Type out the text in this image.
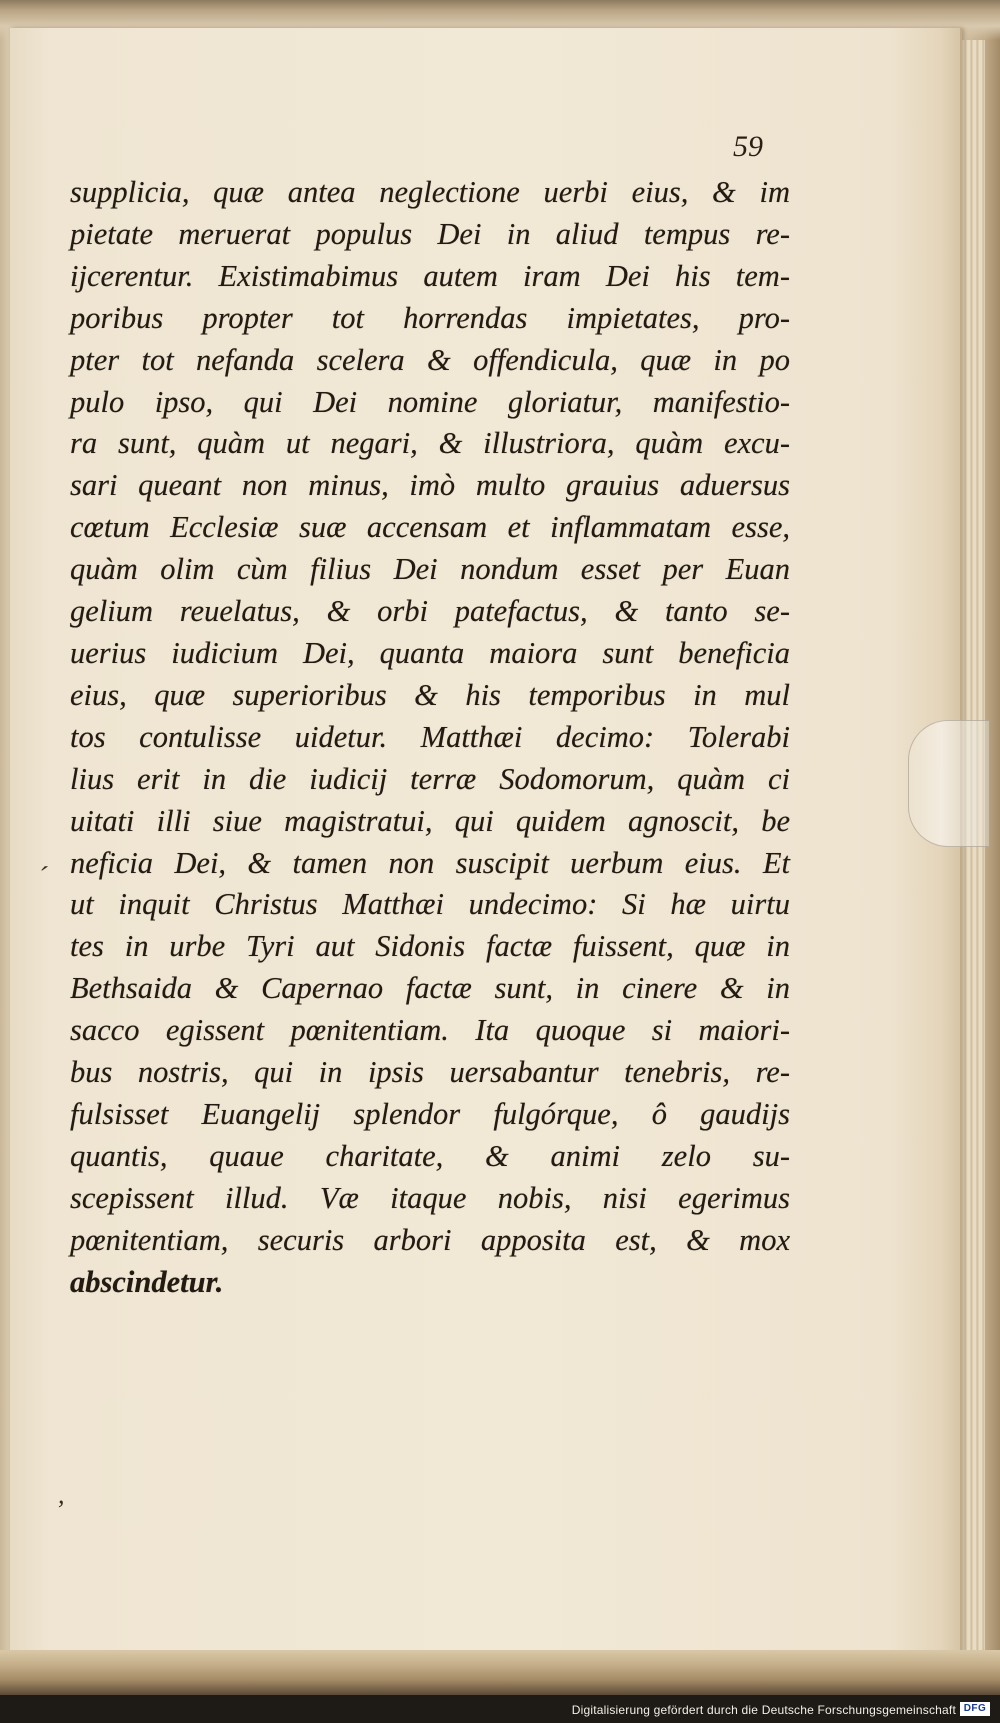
59
supplicia, quæ antea neglectione uerbi eius, & im
pietate meruerat populus Dei in aliud tempus re-
ijcerentur. Existimabimus autem iram Dei his tem-
poribus propter tot horrendas impietates, pro-
pter tot nefanda scelera & offendicula, quæ in po
pulo ipso, qui Dei nomine gloriatur, manifestio-
ra sunt, quàm ut negari, & illustriora, quàm excu-
sari queant non minus, imò multo grauius aduersus
cœtum Ecclesiæ suæ accensam et inflammatam esse,
quàm olim cùm filius Dei nondum esset per Euan
gelium reuelatus, & orbi patefactus, & tanto se-
uerius iudicium Dei, quanta maiora sunt beneficia
eius, quæ superioribus & his temporibus in mul
tos contulisse uidetur. Matthæi decimo: Tolerabi
lius erit in die iudicij terræ Sodomorum, quàm ci
uitati illi siue magistratui, qui quidem agnoscit, be
neficia Dei, & tamen non suscipit uerbum eius. Et
ut inquit Christus Matthæi undecimo: Si hæ uirtu
tes in urbe Tyri aut Sidonis factæ fuissent, quæ in
Bethsaida & Capernao factæ sunt, in cinere & in
sacco egissent pœnitentiam. Ita quoque si maiori-
bus nostris, qui in ipsis uersabantur tenebris, re-
fulsisset Euangelij splendor fulgórque, ô gaudijs
quantis, quaue charitate, & animi zelo su-
scepissent illud. Væ itaque nobis, nisi egerimus
pœnitentiam, securis arbori apposita est, & mox
abscindetur.
´
,
Digitalisierung gefördert durch die Deutsche Forschungsgemeinschaft DFG
